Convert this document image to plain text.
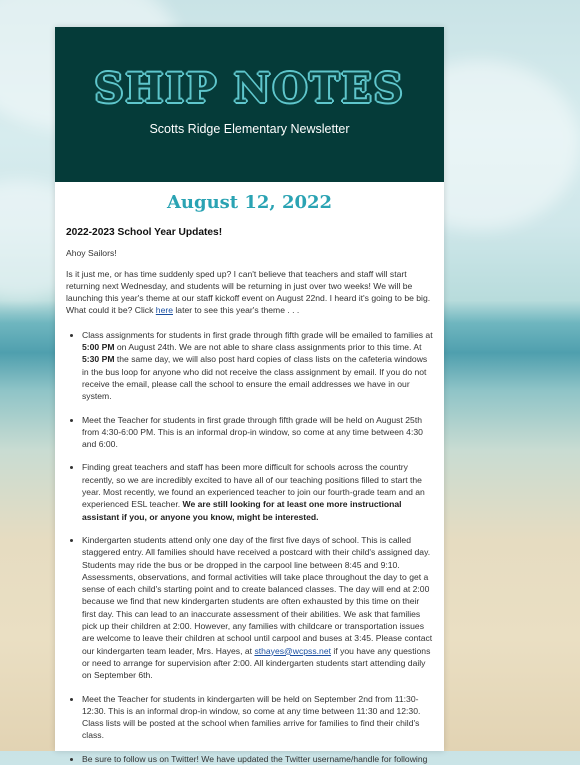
SHIP NOTES
Scotts Ridge Elementary Newsletter
August 12, 2022
2022-2023 School Year Updates!
Ahoy Sailors!
Is it just me, or has time suddenly sped up? I can't believe that teachers and staff will start returning next Wednesday, and students will be returning in just over two weeks! We will be launching this year's theme at our staff kickoff event on August 22nd. I heard it's going to be big. What could it be? Click here later to see this year's theme . . .
• Class assignments for students in first grade through fifth grade will be emailed to families at 5:00 PM on August 24th. We are not able to share class assignments prior to this time. At 5:30 PM the same day, we will also post hard copies of class lists on the cafeteria windows in the bus loop for anyone who did not receive the class assignment by email. If you do not receive the email, please call the school to ensure the email addresses we have in our system.
• Meet the Teacher for students in first grade through fifth grade will be held on August 25th from 4:30-6:00 PM. This is an informal drop-in window, so come at any time between 4:30 and 6:00.
• Finding great teachers and staff has been more difficult for schools across the country recently, so we are incredibly excited to have all of our teaching positions filled to start the year. Most recently, we found an experienced teacher to join our fourth-grade team and an experienced ESL teacher. We are still looking for at least one more instructional assistant if you, or anyone you know, might be interested.
• Kindergarten students attend only one day of the first five days of school. This is called staggered entry. All families should have received a postcard with their child's assigned day. Students may ride the bus or be dropped in the carpool line between 8:45 and 9:10. Assessments, observations, and formal activities will take place throughout the day to get a sense of each child's starting point and to create balanced classes. The day will end at 2:00 because we find that new kindergarten students are often exhausted by this time on their first day. This can lead to an inaccurate assessment of their abilities. We ask that families pick up their children at 2:00. However, any families with childcare or transportation issues are welcome to leave their children at school until carpool and buses at 3:45. Please contact our kindergarten team leader, Mrs. Hayes, at sthayes@wcpss.net if you have any questions or need to arrange for supervision after 2:00. All kindergarten students start attending daily on September 6th.
• Meet the Teacher for students in kindergarten will be held on September 2nd from 11:30-12:30. This is an informal drop-in window, so come at any time between 11:30 and 12:30. Class lists will be posted at the school when families arrive for families to find their child's class.
• Be sure to follow us on Twitter! We have updated the Twitter username/handle for following
